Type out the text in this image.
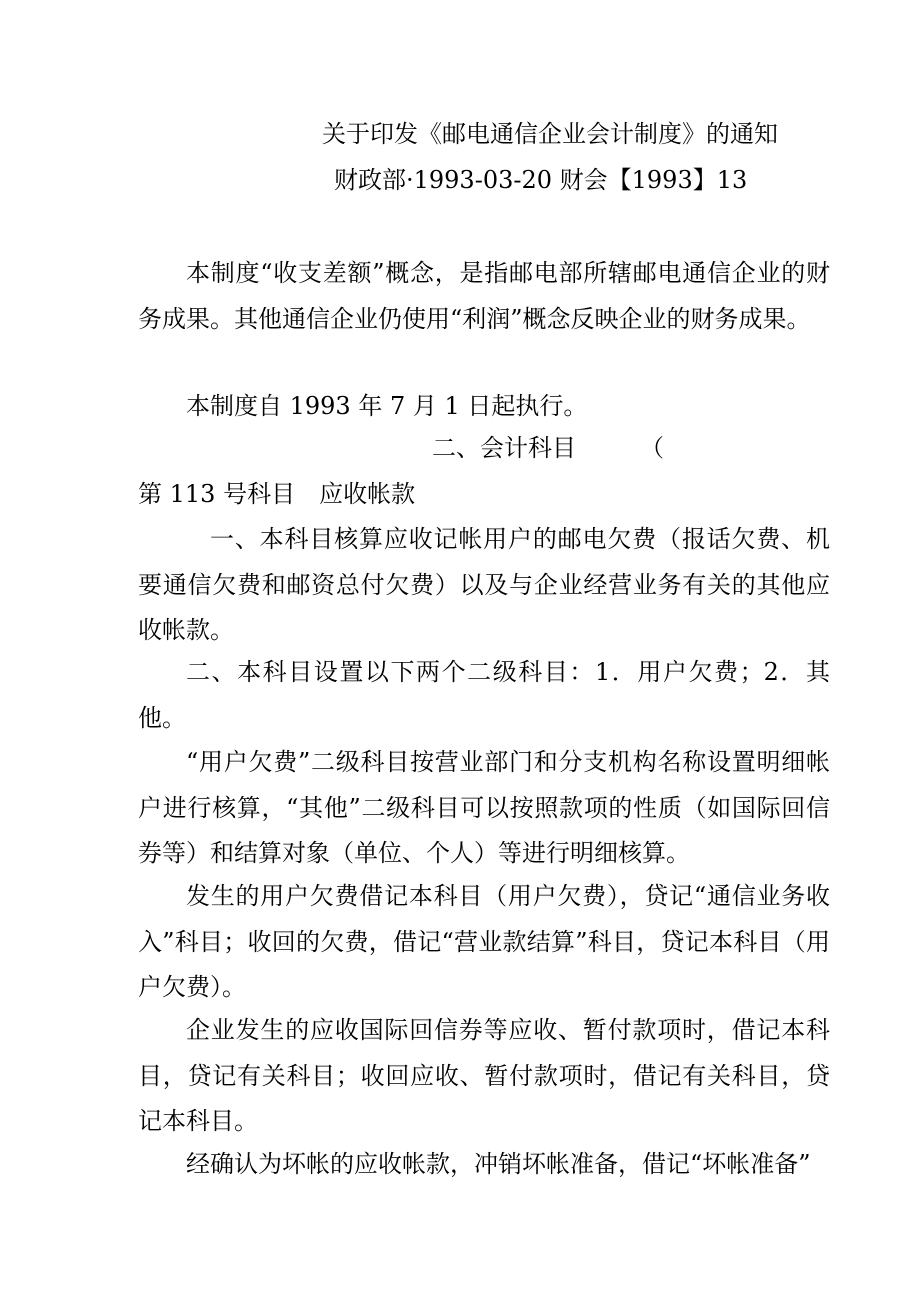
关于印发《邮电通信企业会计制度》的通知
财政部·1993-03-20 财会【1993】13

本制度“收支差额”概念，是指邮电部所辖邮电通信企业的财务成果。其他通信企业仍使用“利润”概念反映企业的财务成果。

本制度自 1993 年 7 月 1 日起执行。

二、会计科目	（
第 113 号科目　应收帐款

一、本科目核算应收记帐用户的邮电欠费（报话欠费、机要通信欠费和邮资总付欠费）以及与企业经营业务有关的其他应收帐款。

二、本科目设置以下两个二级科目：1．用户欠费；2．其他。

“用户欠费”二级科目按营业部门和分支机构名称设置明细帐户进行核算，“其他”二级科目可以按照款项的性质（如国际回信券等）和结算对象（单位、个人）等进行明细核算。

发生的用户欠费借记本科目（用户欠费），贷记“通信业务收入”科目；收回的欠费，借记“营业款结算”科目，贷记本科目（用户欠费）。

企业发生的应收国际回信券等应收、暂付款项时，借记本科目，贷记有关科目；收回应收、暂付款项时，借记有关科目，贷记本科目。

经确认为坏帐的应收帐款，冲销坏帐准备，借记“坏帐准备”
